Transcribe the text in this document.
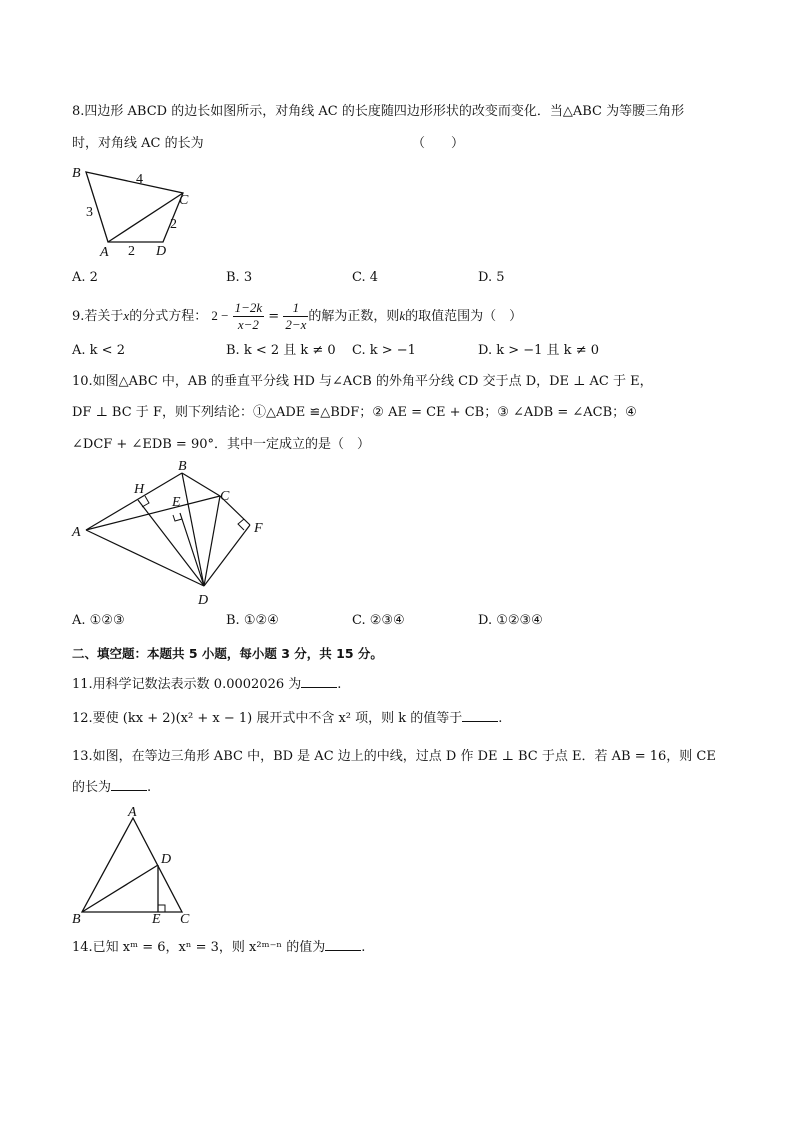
8.四边形 ABCD 的边长如图所示，对角线 AC 的长度随四边形形状的改变而变化．当△ABC 为等腰三角形
时，对角线 AC 的长为	（　　）
B
C
A	D
4
3
2
2
A. 2	B. 3	C. 4	D. 5
9.若关于x的分式方程： $2 - \frac{1-2k}{x-2} = \frac{1}{2-x}$ 的解为正数，则k的取值范围为（　）
A. k < 2	B. k < 2 且 k ≠ 0 C. k > −1	D. k > −1 且 k ≠ 0
10.如图△ABC 中，AB 的垂直平分线 HD 与∠ACB 的外角平分线 CD 交于点 D，DE ⊥ AC 于 E，
DF ⊥ BC 于 F，则下列结论：①△ADE ≌△BDF；② AE = CE + CB；③ ∠ADB = ∠ACB；④
∠DCF + ∠EDB = 90°．其中一定成立的是（　）
B
H
E	C
A	F
D
A. ①②③	B. ①②④	C. ②③④	D. ①②③④
二、填空题：本题共 5 小题，每小题 3 分，共 15 分。
11.用科学记数法表示数 0.0002026 为	.
12.要使 (kx + 2)(x² + x − 1) 展开式中不含 x² 项，则 k 的值等于	.
13.如图，在等边三角形 ABC 中，BD 是 AC 边上的中线，过点 D 作 DE ⊥ BC 于点 E．若 AB = 16，则 CE
的长为	.
A
D
B	E C
14.已知 xᵐ = 6，xⁿ = 3，则 x²ᵐ⁻ⁿ 的值为	.
